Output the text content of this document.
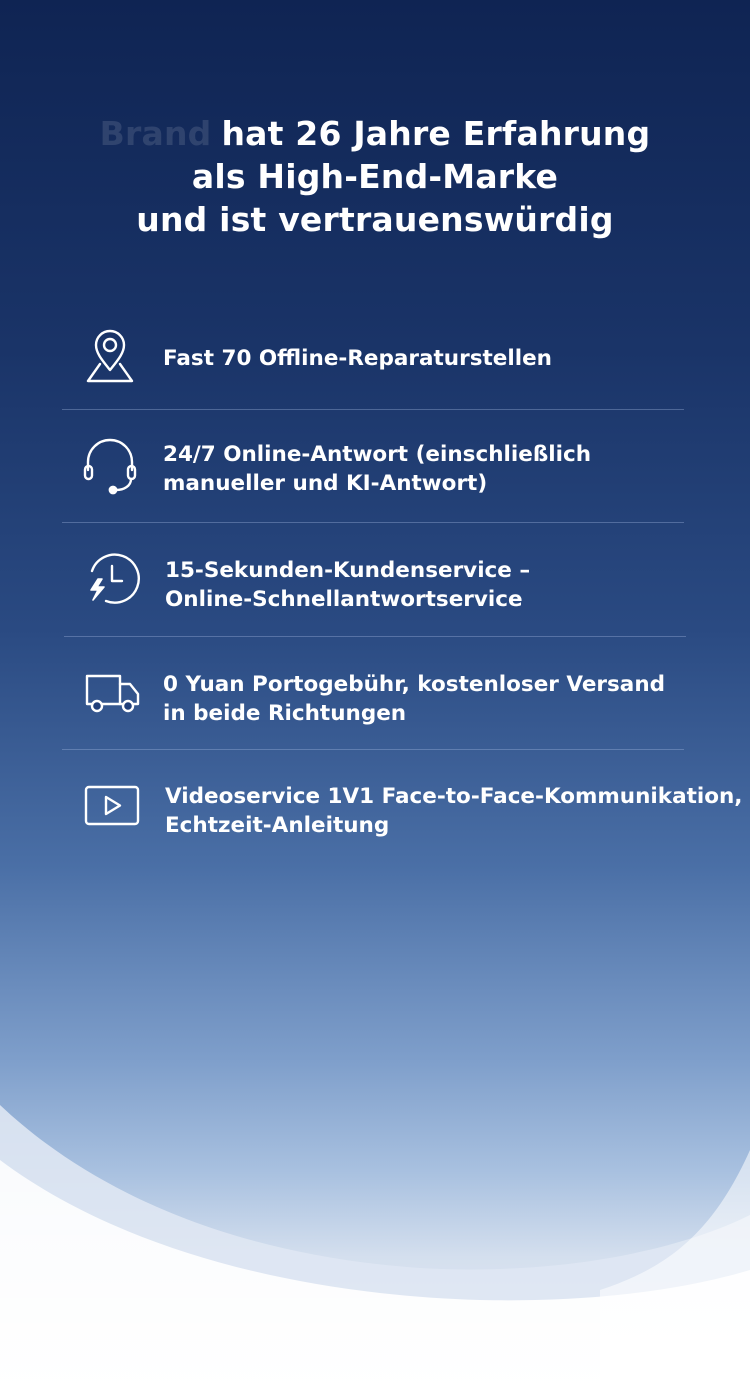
Brand hat 26 Jahre Erfahrung
als High-End-Marke
und ist vertrauenswürdig
Fast 70 Offline-Reparaturstellen
24/7 Online-Antwort (einschließlich
manueller und KI-Antwort)
15-Sekunden-Kundenservice –
Online-Schnellantwortservice
0 Yuan Portogebühr, kostenloser Versand
in beide Richtungen
Videoservice 1V1 Face-to-Face-Kommunikation,
Echtzeit-Anleitung
